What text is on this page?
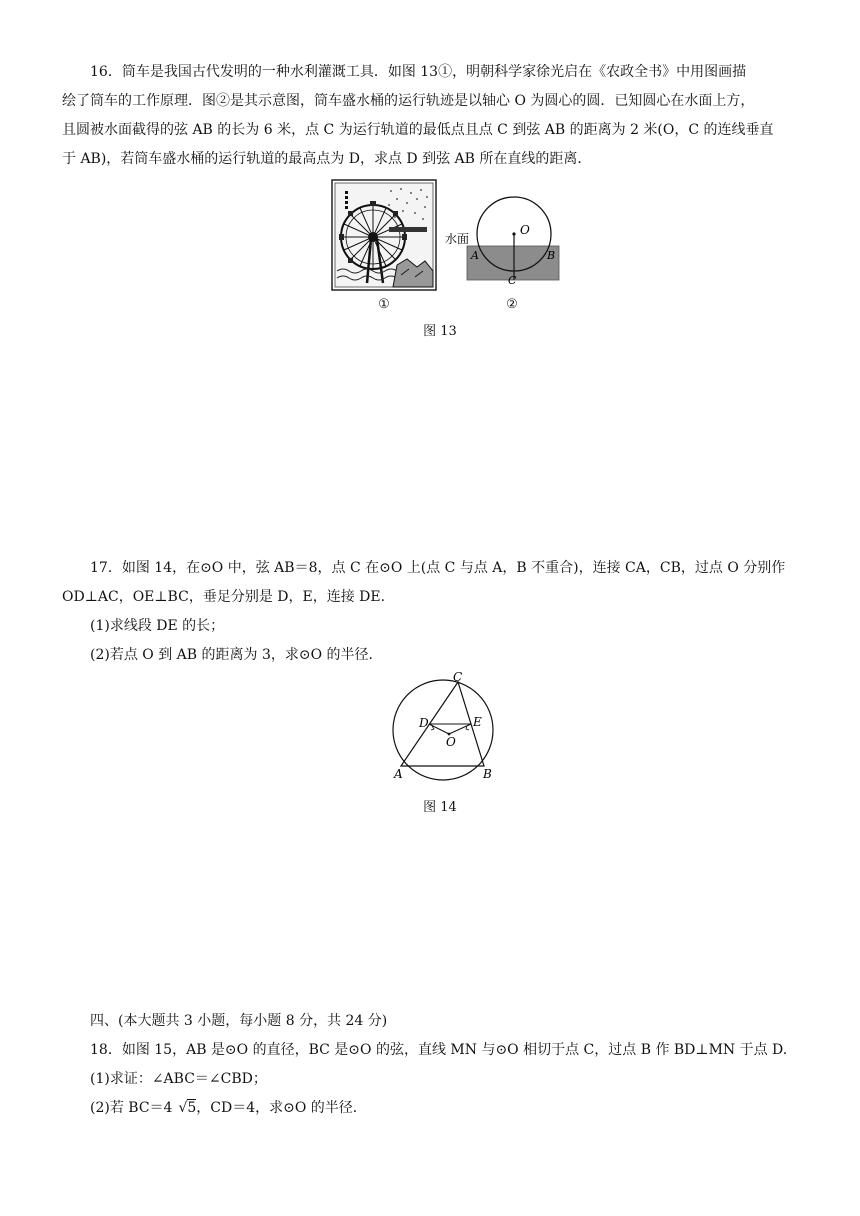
16．筒车是我国古代发明的一种水利灌溉工具．如图 13①，明朝科学家徐光启在《农政全书》中用图画描
绘了筒车的工作原理．图②是其示意图，筒车盛水桶的运行轨迹是以轴心 O 为圆心的圆．已知圆心在水面上方，
且圆被水面截得的弦 AB 的长为 6 米，点 C 为运行轨道的最低点且点 C 到弦 AB 的距离为 2 米(O，C 的连线垂直
于 AB)，若筒车盛水桶的运行轨道的最高点为 D，求点 D 到弦 AB 所在直线的距离．
①
O
A	B
C
水面
②
图 13
17．如图 14，在⊙O 中，弦 AB＝8，点 C 在⊙O 上(点 C 与点 A，B 不重合)，连接 CA，CB，过点 O 分别作
OD⊥AC，OE⊥BC，垂足分别是 D，E，连接 DE.
(1)求线段 DE 的长；
(2)若点 O 到 AB 的距离为 3，求⊙O 的半径．
C
D	E
O
A	B
图 14
四、(本大题共 3 小题，每小题 8 分，共 24 分)
18．如图 15，AB 是⊙O 的直径，BC 是⊙O 的弦，直线 MN 与⊙O 相切于点 C，过点 B 作 BD⊥MN 于点 D.
(1)求证：∠ABC＝∠CBD；
(2)若 BC＝4 √5，CD＝4，求⊙O 的半径．
